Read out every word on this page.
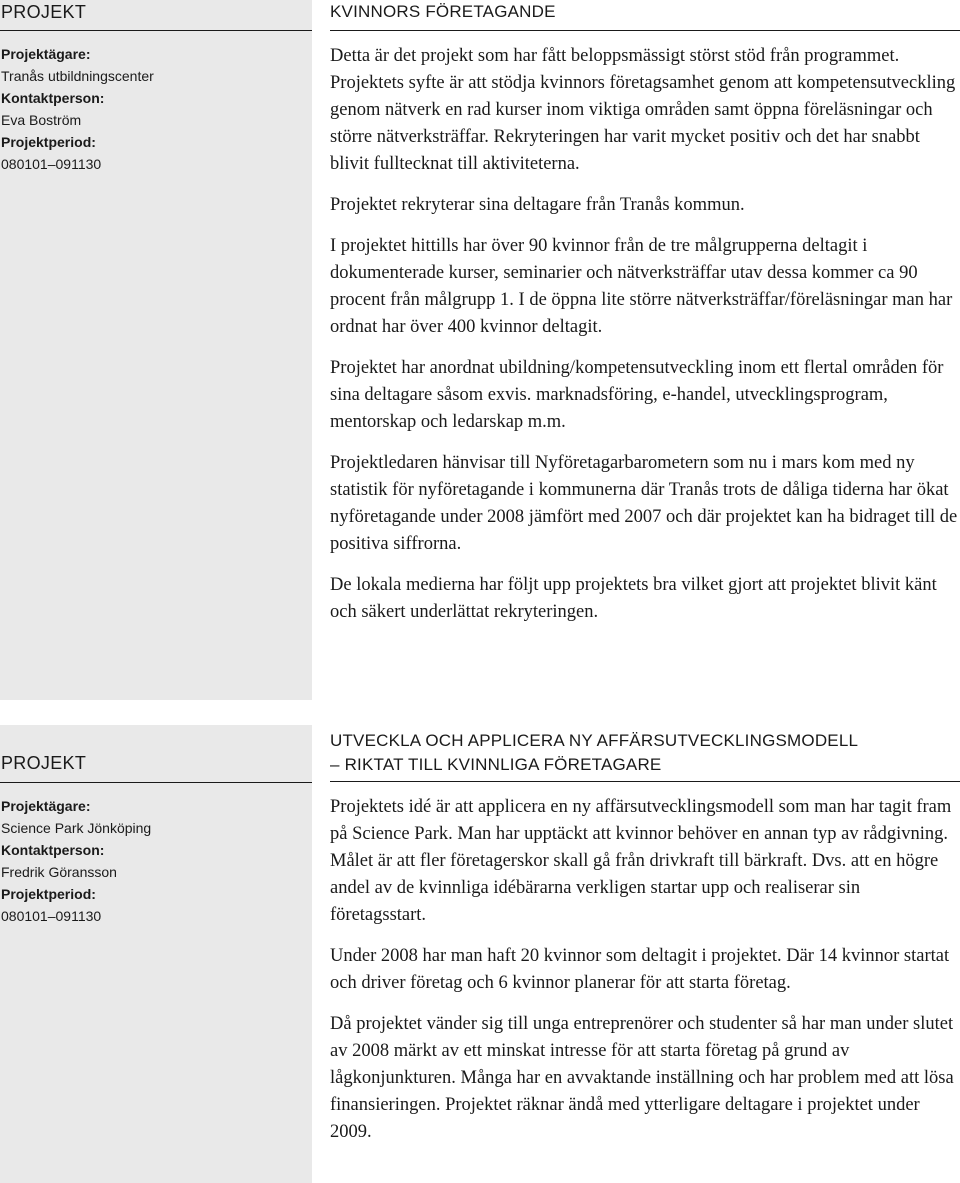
PROJEKT
Projektägare:
Tranås utbildningscenter
Kontaktperson:
Eva Boström
Projektperiod:
080101–091130
KVINNORS FÖRETAGANDE

Detta är det projekt som har fått beloppsmässigt störst stöd från programmet. Projektets syfte är att stödja kvinnors företagsamhet genom att kompetensutveckling genom nätverk en rad kurser inom viktiga områden samt öppna föreläsningar och större nätverksträffar. Rekryteringen har varit mycket positiv och det har snabbt blivit fulltecknat till aktiviteterna.

Projektet rekryterar sina deltagare från Tranås kommun.

I projektet hittills har över 90 kvinnor från de tre målgrupperna deltagit i dokumenterade kurser, seminarier och nätverksträffar utav dessa kommer ca 90 procent från målgrupp 1. I de öppna lite större nätverksträffar/föreläsningar man har ordnat har över 400 kvinnor deltagit.

Projektet har anordnat ubildning/kompetensutveckling inom ett flertal områden för sina deltagare såsom exvis. marknadsföring, e-handel, utvecklingsprogram, mentorskap och ledarskap m.m.

Projektledaren hänvisar till Nyföretagarbarometern som nu i mars kom med ny statistik för nyföretagande i kommunerna där Tranås trots de dåliga tiderna har ökat nyföretagande under 2008 jämfört med 2007 och där projektet kan ha bidraget till de positiva siffrorna.

De lokala medierna har följt upp projektets bra vilket gjort att projektet blivit känt och säkert underlättat rekryteringen.

PROJEKT
Projektägare:
Science Park Jönköping
Kontaktperson:
Fredrik Göransson
Projektperiod:
080101–091130
UTVECKLA OCH APPLICERA NY AFFÄRSUTVECKLINGSMODELL
– RIKTAT TILL KVINNLIGA FÖRETAGARE

Projektets idé är att applicera en ny affärsutvecklingsmodell som man har tagit fram på Science Park. Man har upptäckt att kvinnor behöver en annan typ av rådgivning. Målet är att fler företagerskor skall gå från drivkraft till bärkraft. Dvs. att en högre andel av de kvinnliga idébärarna verkligen startar upp och realiserar sin företagsstart.

Under 2008 har man haft 20 kvinnor som deltagit i projektet. Där 14 kvinnor startat och driver företag och 6 kvinnor planerar för att starta företag.

Då projektet vänder sig till unga entreprenörer och studenter så har man under slutet av 2008 märkt av ett minskat intresse för att starta företag på grund av lågkonjunkturen. Många har en avvaktande inställning och har problem med att lösa finansieringen. Projektet räknar ändå med ytterligare deltagare i projektet under 2009.
